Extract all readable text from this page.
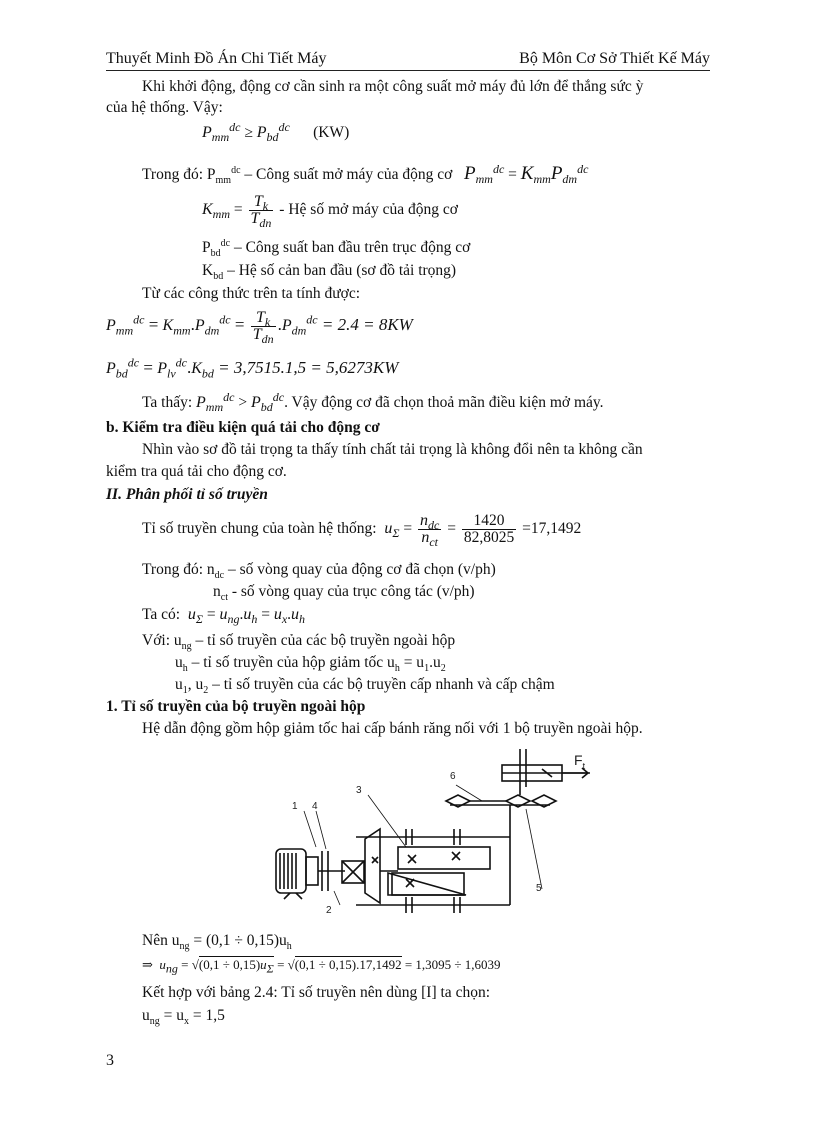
Thuyết Minh Đồ Án Chi Tiết Máy	Bộ Môn Cơ Sở Thiết Kế Máy
Khi khởi động, động cơ cần sinh ra một công suất mở máy đủ lớn để thắng sức ỳ
của hệ thống. Vậy:
$P_{mm}^{dc} \ge P_{bd}^{dc}$ (KW)
Trong đó: $P_{mm}^{dc}$ – Công suất mở máy của động cơ $P_{mm}^{dc} = K_{mm}P_{dm}^{dc}$
$K_{mm} = \frac{T_k}{T_{dn}}$ - Hệ số mở máy của động cơ
$P_{bd}^{dc}$ – Công suất ban đầu trên trục động cơ
$K_{bd}$ – Hệ số cản ban đầu (sơ đồ tải trọng)
Từ các công thức trên ta tính được:
$P_{mm}^{dc} = K_{mm}.P_{dm}^{dc} = \frac{T_k}{T_{dn}} .P_{dm}^{dc} = 2.4 = 8KW$
$P_{bd}^{dc} = P_{lv}^{dc}.K_{bd} = 3,7515.1,5 = 5,6273KW$
Ta thấy: $P_{mm}^{dc} > P_{bd}^{dc}$. Vậy động cơ đã chọn thoả mãn điều kiện mở máy.
b. Kiểm tra điều kiện quá tải cho động cơ
Nhìn vào sơ đồ tải trọng ta thấy tính chất tải trọng là không đổi nên ta không cần
kiểm tra quá tải cho động cơ.
II. Phân phối tỉ số truyền
Tỉ số truyền chung của toàn hệ thống: $u_\Sigma = \frac{n_{dc}}{n_{ct}} = \frac{1420}{82,8025} =17,1492$
Trong đó: $n_{dc}$ – số vòng quay của động cơ đã chọn (v/ph)
$n_{ct}$ - số vòng quay của trục công tác (v/ph)
Ta có: $u_\Sigma = u_{ng}.u_h = u_x.u_h$
Với: $u_{ng}$ – tỉ số truyền của các bộ truyền ngoài hộp
$u_h$ – tỉ số truyền của hộp giảm tốc $u_h = u_1.u_2$
$u_1$, $u_2$ – tỉ số truyền của các bộ truyền cấp nhanh và cấp chậm
1. Tỉ số truyền của bộ truyền ngoài hộp
Hệ dẫn động gồm hộp giảm tốc hai cấp bánh răng nối với 1 bộ truyền ngoài hộp.
1 4
3
2
6
5
$F_t$
Nên $u_{ng} = (0,1 \div 0,15)u_h$
⇒  $u_{ng} = √(0,1 \div 0,15)u_\Sigma = √(0,1 \div 0,15).17,1492 = 1,3095 \div 1,6039$
Kết hợp với bảng 2.4: Tỉ số truyền nên dùng [I] ta chọn:
$u_{ng} = u_x = 1,5$
3
